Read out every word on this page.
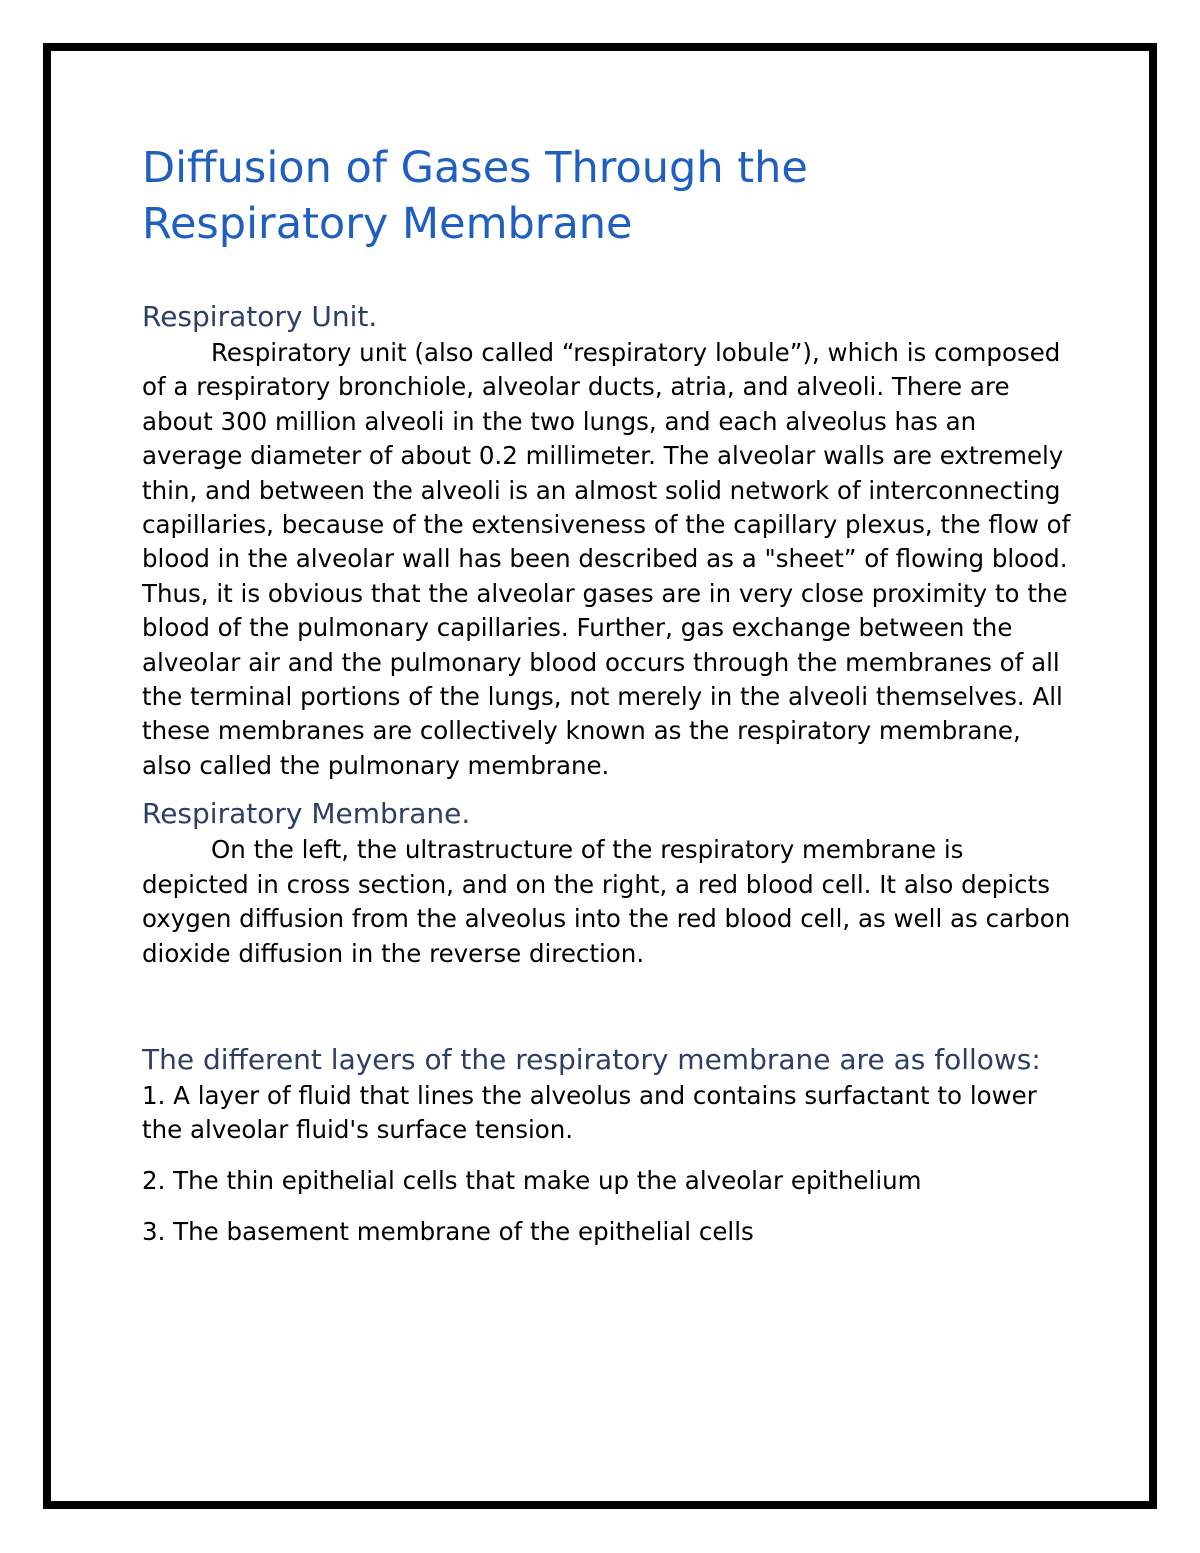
Diffusion of Gases Through the
Respiratory Membrane
Respiratory Unit.

Respiratory unit (also called “respiratory lobule”), which is composed of a respiratory bronchiole, alveolar ducts, atria, and alveoli. There are about 300 million alveoli in the two lungs, and each alveolus has an average diameter of about 0.2 millimeter. The alveolar walls are extremely thin, and between the alveoli is an almost solid network of interconnecting capillaries, because of the extensiveness of the capillary plexus, the flow of blood in the alveolar wall has been described as a "sheet” of flowing blood. Thus, it is obvious that the alveolar gases are in very close proximity to the blood of the pulmonary capillaries. Further, gas exchange between the alveolar air and the pulmonary blood occurs through the membranes of all the terminal portions of the lungs, not merely in the alveoli themselves. All these membranes are collectively known as the respiratory membrane, also called the pulmonary membrane.

Respiratory Membrane.

On the left, the ultrastructure of the respiratory membrane is depicted in cross section, and on the right, a red blood cell. It also depicts oxygen diffusion from the alveolus into the red blood cell, as well as carbon dioxide diffusion in the reverse direction.

The different layers of the respiratory membrane are as follows:

1. A layer of fluid that lines the alveolus and contains surfactant to lower the alveolar fluid's surface tension.

2. The thin epithelial cells that make up the alveolar epithelium

3. The basement membrane of the epithelial cells
